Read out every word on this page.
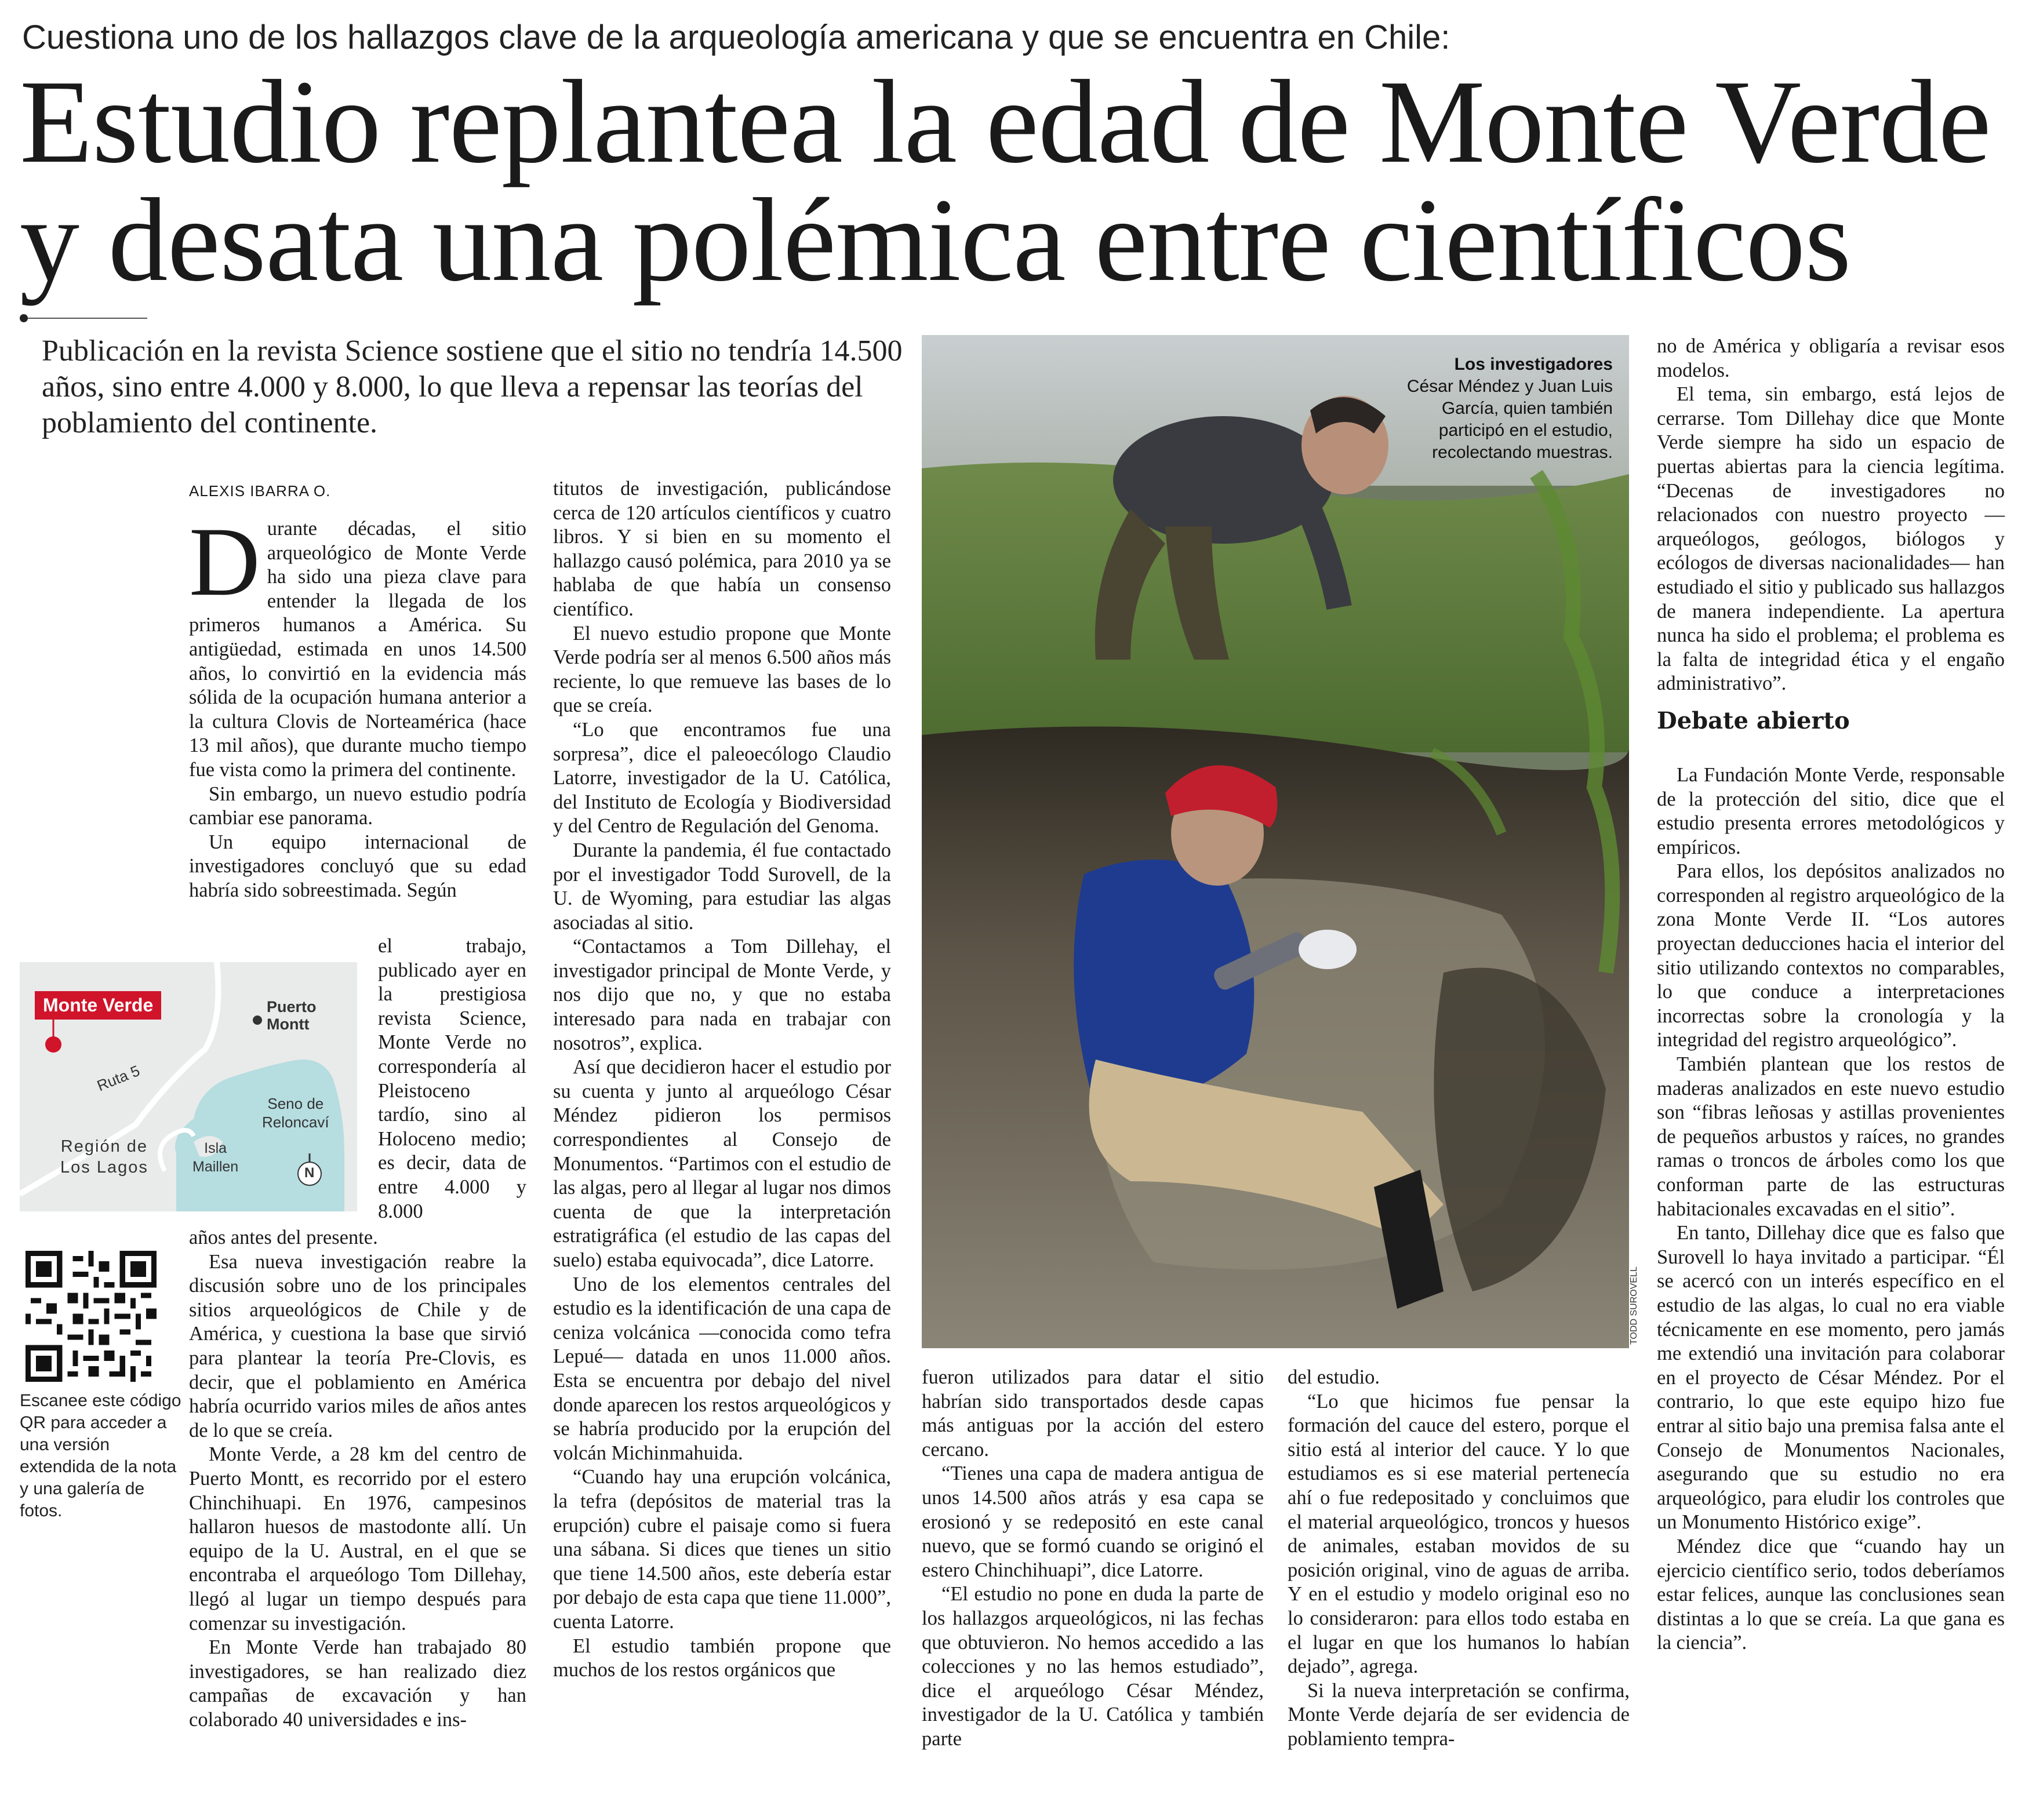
Cuestiona uno de los hallazgos clave de la arqueología americana y que se encuentra en Chile:
Estudio replantea la edad de Monte Verde
y desata una polémica entre científicos
Publicación en la revista Science sostiene que el sitio no tendría 14.500 años, sino entre 4.000 y 8.000, lo que lleva a repensar las teorías del poblamiento del continente.
ALEXIS IBARRA O.

Durante décadas, el sitio arqueológico de Monte Verde ha sido una pieza clave para entender la llegada de los primeros humanos a América. Su antigüedad, estimada en unos 14.500 años, lo convirtió en la evidencia más sólida de la ocupación humana anterior a la cultura Clovis de Norteamérica (hace 13 mil años), que durante mucho tiempo fue vista como la primera del continente.

Sin embargo, un nuevo estudio podría cambiar ese panorama.

Un equipo internacional de investigadores concluyó que su edad habría sido sobreestimada. Según

el trabajo, publicado ayer en la prestigiosa revista Science, Monte Verde no correspondería al Pleistoceno tardío, sino al Holoceno medio; es decir, data de entre 4.000 y 8.000

años antes del presente.

Esa nueva investigación reabre la discusión sobre uno de los principales sitios arqueológicos de Chile y de América, y cuestiona la base que sirvió para plantear la teoría Pre-Clovis, es decir, que el poblamiento en América habría ocurrido varios miles de años antes de lo que se creía.

Monte Verde, a 28 km del centro de Puerto Montt, es recorrido por el estero Chinchihuapi. En 1976, campesinos hallaron huesos de mastodonte allí. Un equipo de la U. Austral, en el que se encontraba el arqueólogo Tom Dillehay, llegó al lugar un tiempo después para comenzar su investigación.

En Monte Verde han trabajado 80 investigadores, se han realizado diez campañas de excavación y han colaborado 40 universidades e ins-

titutos de investigación, publicándose cerca de 120 artículos científicos y cuatro libros. Y si bien en su momento el hallazgo causó polémica, para 2010 ya se hablaba de que había un consenso científico.

El nuevo estudio propone que Monte Verde podría ser al menos 6.500 años más reciente, lo que remueve las bases de lo que se creía.

“Lo que encontramos fue una sorpresa”, dice el paleoecólogo Claudio Latorre, investigador de la U. Católica, del Instituto de Ecología y Biodiversidad y del Centro de Regulación del Genoma.

Durante la pandemia, él fue contactado por el investigador Todd Surovell, de la U. de Wyoming, para estudiar las algas asociadas al sitio.

“Contactamos a Tom Dillehay, el investigador principal de Monte Verde, y nos dijo que no, y que no estaba interesado para nada en trabajar con nosotros”, explica.

Así que decidieron hacer el estudio por su cuenta y junto al arqueólogo César Méndez pidieron los permisos correspondientes al Consejo de Monumentos. “Partimos con el estudio de las algas, pero al llegar al lugar nos dimos cuenta de que la interpretación estratigráfica (el estudio de las capas del suelo) estaba equivocada”, dice Latorre.

Uno de los elementos centrales del estudio es la identificación de una capa de ceniza volcánica —conocida como tefra Lepué— datada en unos 11.000 años. Esta se encuentra por debajo del nivel donde aparecen los restos arqueológicos y se habría producido por la erupción del volcán Michinmahuida.

“Cuando hay una erupción volcánica, la tefra (depósitos de material tras la erupción) cubre el paisaje como si fuera una sábana. Si dices que tienes un sitio que tiene 14.500 años, este debería estar por debajo de esta capa que tiene 11.000”, cuenta Latorre.

El estudio también propone que muchos de los restos orgánicos que

Los investigadores
César Méndez y Juan Luis García, quien también participó en el estudio, recolectando muestras.
TODD SUROVELL

fueron utilizados para datar el sitio habrían sido transportados desde capas más antiguas por la acción del estero cercano.

“Tienes una capa de madera antigua de unos 14.500 años atrás y esa capa se erosionó y se redepositó en este canal nuevo, que se formó cuando se originó el estero Chinchihuapi”, dice Latorre.

“El estudio no pone en duda la parte de los hallazgos arqueológicos, ni las fechas que obtuvieron. No hemos accedido a las colecciones y no las hemos estudiado”, dice el arqueólogo César Méndez, investigador de la U. Católica y también parte

del estudio.

“Lo que hicimos fue pensar la formación del cauce del estero, porque el sitio está al interior del cauce. Y lo que estudiamos es si ese material pertenecía ahí o fue redepositado y concluimos que el material arqueológico, troncos y huesos de animales, estaban movidos de su posición original, vino de aguas de arriba. Y en el estudio y modelo original eso no lo consideraron: para ellos todo estaba en el lugar en que los humanos lo habían dejado”, agrega.

Si la nueva interpretación se confirma, Monte Verde dejaría de ser evidencia de poblamiento tempra-

no de América y obligaría a revisar esos modelos.

El tema, sin embargo, está lejos de cerrarse. Tom Dillehay dice que Monte Verde siempre ha sido un espacio de puertas abiertas para la ciencia legítima. “Decenas de investigadores no relacionados con nuestro proyecto —arqueólogos, geólogos, biólogos y ecólogos de diversas nacionalidades— han estudiado el sitio y publicado sus hallazgos de manera independiente. La apertura nunca ha sido el problema; el problema es la falta de integridad ética y el engaño administrativo”.

Debate abierto

La Fundación Monte Verde, responsable de la protección del sitio, dice que el estudio presenta errores metodológicos y empíricos.

Para ellos, los depósitos analizados no corresponden al registro arqueológico de la zona Monte Verde II. “Los autores proyectan deducciones hacia el interior del sitio utilizando contextos no comparables, lo que conduce a interpretaciones incorrectas sobre la cronología y la integridad del registro arqueológico”.

También plantean que los restos de maderas analizados en este nuevo estudio son “fibras leñosas y astillas provenientes de pequeños arbustos y raíces, no grandes ramas o troncos de árboles como los que conforman parte de las estructuras habitacionales excavadas en el sitio”.

En tanto, Dillehay dice que es falso que Surovell lo haya invitado a participar. “Él se acercó con un interés específico en el estudio de las algas, lo cual no era viable técnicamente en ese momento, pero jamás me extendió una invitación para colaborar en el proyecto de César Méndez. Por el contrario, lo que este equipo hizo fue entrar al sitio bajo una premisa falsa ante el Consejo de Monumentos Nacionales, asegurando que su estudio no era arqueológico, para eludir los controles que un Monumento Histórico exige”.

Méndez dice que “cuando hay un ejercicio científico serio, todos deberíamos estar felices, aunque las conclusiones sean distintas a lo que se creía. La que gana es la ciencia”.

Monte Verde	Puerto
Montt
Ruta 5
Seno de
Reloncaví
Región de
Los Lagos
Isla
Maillen	N
Escanee este código QR para acceder a una versión extendida de la nota y una galería de fotos.
